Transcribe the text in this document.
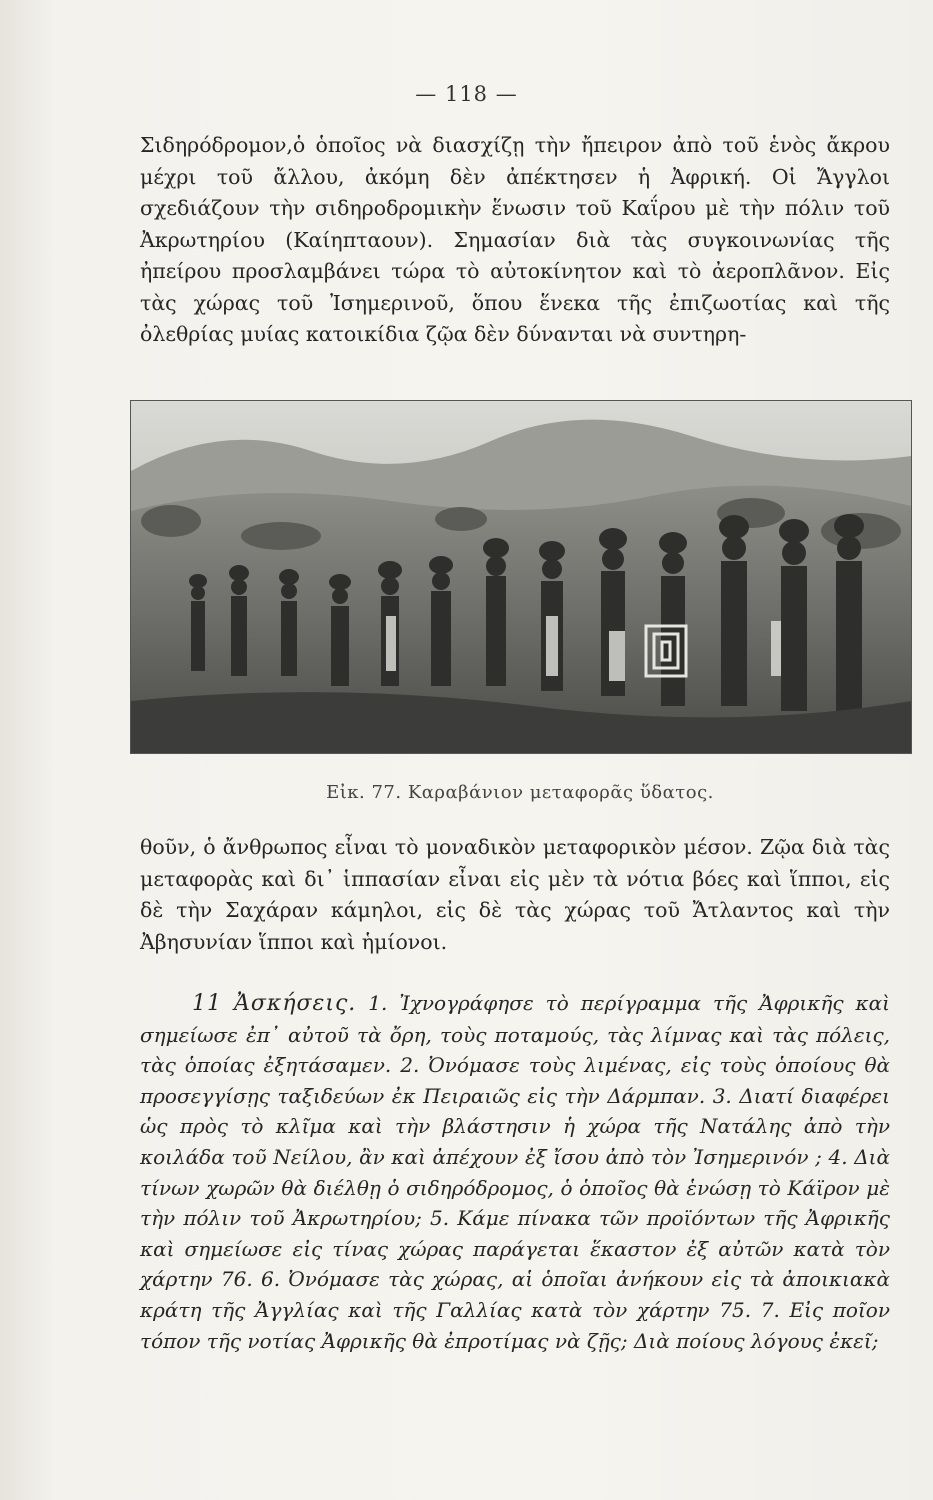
— 118 —

Σιδηρόδρομον,ὁ ὁποῖος νὰ διασχίζῃ τὴν ἤπειρον ἀπὸ τοῦ ἑνὸς ἄκρου μέχρι τοῦ ἄλλου, ἀκόμη δὲν ἀπέκτησεν ἡ Ἀφρική. Οἱ Ἄγγλοι σχεδιάζουν τὴν σιδηροδρομικὴν ἕνωσιν τοῦ Καΐρου μὲ τὴν πόλιν τοῦ Ἀκρωτηρίου (Καίηπταουν). Σημασίαν διὰ τὰς συγκοινωνίας τῆς ἠπείρου προσλαμβάνει τώρα τὸ αὐτοκίνητον καὶ τὸ ἀεροπλᾶνον. Εἰς τὰς χώρας τοῦ Ἰσημερινοῦ, ὅπου ἕνεκα τῆς ἐπιζωοτίας καὶ τῆς ὀλεθρίας μυίας κατοικίδια ζῷα δὲν δύνανται νὰ συντηρη-

Εἰκ. 77. Καραβάνιον μεταφορᾶς ὕδατος.

θοῦν, ὁ ἄνθρωπος εἶναι τὸ μοναδικὸν μεταφορικὸν μέσον. Ζῷα διὰ τὰς μεταφορὰς καὶ δι᾽ ἱππασίαν εἶναι εἰς μὲν τὰ νότια βόες καὶ ἵπποι, εἰς δὲ τὴν Σαχάραν κάμηλοι, εἰς δὲ τὰς χώρας τοῦ Ἄτλαντος καὶ τὴν Ἀβησυνίαν ἵπποι καὶ ἡμίονοι.

11 Ἀσκήσεις. 1. Ἰχνογράφησε τὸ περίγραμμα τῆς Ἀφρικῆς καὶ σημείωσε ἐπ᾽ αὐτοῦ τὰ ὄρη, τοὺς ποταμούς, τὰς λίμνας καὶ τὰς πόλεις, τὰς ὁποίας ἐξητάσαμεν. 2. Ὀνόμασε τοὺς λιμένας, εἰς τοὺς ὁποίους θὰ προσεγγίσῃς ταξιδεύων ἐκ Πειραιῶς εἰς τὴν Δάρμπαν. 3. Διατί διαφέρει ὡς πρὸς τὸ κλῖμα καὶ τὴν βλάστησιν ἡ χώρα τῆς Νατάλης ἀπὸ τὴν κοιλάδα τοῦ Νείλου, ἂν καὶ ἀπέχουν ἐξ ἴσου ἀπὸ τὸν Ἰσημερινόν ; 4. Διὰ τίνων χωρῶν θὰ διέλθῃ ὁ σιδηρόδρομος, ὁ ὁποῖος θὰ ἑνώσῃ τὸ Κάϊρον μὲ τὴν πόλιν τοῦ Ἀκρωτηρίου; 5. Κάμε πίνακα τῶν προϊόντων τῆς Ἀφρικῆς καὶ σημείωσε εἰς τίνας χώρας παράγεται ἕκαστον ἐξ αὐτῶν κατὰ τὸν χάρτην 76. 6. Ὀνόμασε τὰς χώρας, αἱ ὁποῖαι ἀνήκουν εἰς τὰ ἀποικιακὰ κράτη τῆς Ἀγγλίας καὶ τῆς Γαλλίας κατὰ τὸν χάρτην 75. 7. Εἰς ποῖον τόπον τῆς νοτίας Ἀφρικῆς θὰ ἐπροτίμας νὰ ζῇς; Διὰ ποίους λόγους ἐκεῖ;
